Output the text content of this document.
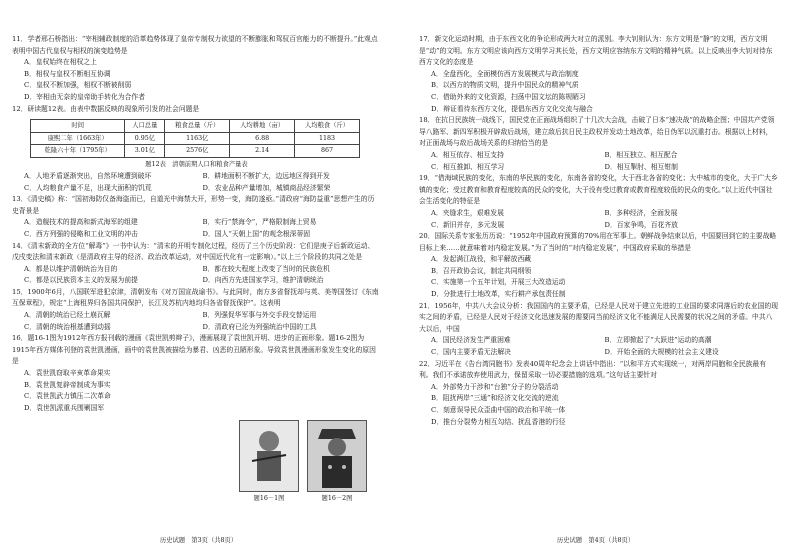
11．学者邢石桥指出：“宰相辅政制度的沿革趋势体现了皇帝专制权力欲望的不断膨胀和驾驭百官能力的不断提升。”此观点表明中国古代皇权与相权的演变趋势是
A．皇权始终在相权之上
B．相权与皇权不断相互协调
C．皇权不断加强，相权不断被削弱
D．宰相由无奈的皇帝助手转化为合作者
12．研读题12表。由表中数据反映的现象所引发的社会问题是
时间	人口总量	粮食总量（斤）	人均耕地（亩）	人均粮食（斤）
康熙二年（1663年）	0.95亿	1163亿	6.88	1183
乾隆六十年（1795年）	3.01亿	2576亿	2.14	867
题12表　清朝前期人口和粮食产量表
A．人地矛盾逐渐突出，自然环境遭到破坏	B．耕地面积不断扩大，边远地区得到开发
C．人均粮食产量不足，出现大面积的饥荒	D．农业品种产量增加，城镇商品经济繁荣
13．《清史稿》称：“国初海防仅备海盗而已，自道光中海禁大开，形势一变，海防遂亟。”清政府“海防益重”思想产生的历史背景是
A．造舰技术的提高和新式海军的组建	B．实行“禁海令”，严格限制海上贸易
C．西方列强的侵略和工业文明的冲击	D．国人“天朝上国”的观念根深蒂固
14．《清末新政的全方位“解毒”》一书中认为：“清末的开明专制化过程，经历了三个历史阶段：它们是庚子后新政运动、戊戌变法和清末新政（是清政府主导的经济、政治改革运动，对中国近代化有一定影响）。”以上三个阶段的共同之处是
A．都是以维护清朝统治为目的	B．都在较大程度上改变了当时的民族危机
C．都是以民族资本主义的发展为前提	D．向西方先进国家学习，维护清朝统治
15．1900年6月，八国联军进犯京津，清朝发布《对万国宣战谕书》。与此同时，南方多省督抚却与英、美等国签订《东南互保章程》，规定“上海租界归各国共同保护，长江及苏杭内地均归各省督抚保护”。这表明
A．清朝的统治已经土崩瓦解	B．列强促华军事与外交手段交替运用
C．清朝的统治根基遭到动摇	D．清政府已沦为列强统治中国的工具
16．题16-1图为1912年西方报刊载的漫画《袁世凯剪辫子》，漫画展现了袁世凯开明、进步的正面形象。题16-2图为1915年西方媒体刊登的袁世凯漫画，画中的袁世凯被描绘为暴君、凶恶的丑陋形象。导致袁世凯漫画形象发生变化的原因是
A．袁世凯窃取辛亥革命果实
B．袁世凯复辟帝制成为事实
C．袁世凯武力镇压二次革命
D．袁世凯派重兵围剿国军
题16－1图	题16－2图
历史试题　第3页（共8页）
17．新文化运动时期，由于东西文化的争论形成两大对立的派别。李大钊则认为：东方文明是“静”的文明，西方文明是“动”的文明。东方文明应该向西方文明学习其长处，西方文明应容纳东方文明的精神气质。以上反映出李大钊对待东西方文化的态度是
A．全盘西化，全面模仿西方发展模式与政治制度
B．以西方的物质文明，提升中国民众的精神气质
C．借助外来的文化资源，扫荡中国文坛的陈规陋习
D．辩证看待东西方文化，提倡东西方文化交流与融合
18．在抗日民族统一战线下，国民党在正面战场组织了十几次大会战，击破了日本“速决战”的战略企图；中国共产党领导八路军、新四军积极开辟敌后战场，建立敌后抗日民主政权并发动土地改革，给日伪军以沉重打击。根据以上材料，对正面战场与敌后战场关系的归纳恰当的是
A．相互依存、相互支持	B．相互独立、相互配合
C．相互推卸、相互学习	D．相互掣肘、相互钳制
19．“借海域民族的变化，东南的华民族的变化，东南各省的变化，大于西北各省的变化；大中城市的变化，大于广大乡镇的变化；受过教育和教育程度较高的民众的变化，大于没有受过教育或教育程度较低的民众的变化。”以上近代中国社会生活变化的特征是
A．夹缝求生，艰难发展	B．多种经济，全面发展
C．新旧并存，多元发展	D．百家争鸣，百花齐放
20．国际关系专家张历历说：“1952年中国政府预算的70%用在军事上。朝鲜战争结束以后，中国要回到它的主要战略目标上来……就意味着对内稳定发展。”为了当时的“对内稳定发展”，中国政府采取的举措是
A．发起满江战役，和平解放西藏
B．召开政协会议，制定共同纲领
C．实施第一个五年计划，开展三大改造运动
D．分批进行土地改革，实行耕产承包责任制
21．1956年，中共八大会议分析：我国国内的主要矛盾，已经是人民对于建立先进的工业国的要求同落后的农业国的现实之间的矛盾，已经是人民对于经济文化迅速发展的需要同当前经济文化不能满足人民需要的状况之间的矛盾。中共八大以后，中国
A．国民经济发生严重困难	B．立即掀起了“大跃进”运动的高潮
C．国内主要矛盾无法解决	D．开始全面的大规模的社会主义建设
22．习近平在《告台湾同胞书》发表40周年纪念会上讲话中指出：“以和平方式实现统一，对两岸同胞和全民族最有利。我们不承诺放弃使用武力，保留采取一切必要措施的选项。”这句话主要针对
A．外部势力干涉和“台独”分子的分裂活动
B．阻扰两岸“三通”和经济文化交流的逆流
C．刻意误导民众歪曲中国的政治和平统一体
D．推台分裂势力相互勾结、扰乱香港的行径
历史试题　第4页（共8页）
